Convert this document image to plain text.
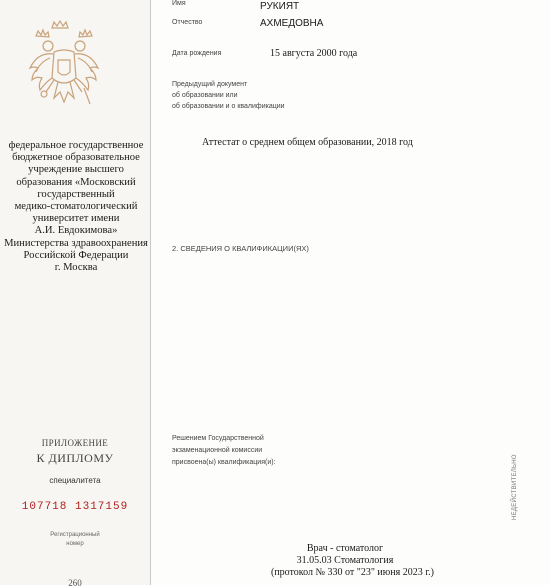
федеральное государственное
бюджетное образовательное
учреждение высшего
образования «Московский
государственный
медико-стоматологический
университет имени
А.И. Евдокимова»
Министерства здравоохранения
Российской Федерации
г. Москва
ПРИЛОЖЕНИЕ
К ДИПЛОМУ
специалитета
107718 1317159
Регистрационный
номер
260
Имя	РУКИЯТ
Отчество	АХМЕДОВНА
Дата рождения	15 августа 2000 года
Предыдущий документ
об образовании или
об образовании и о квалификации
Аттестат о среднем общем образовании, 2018 год
2. СВЕДЕНИЯ О КВАЛИФИКАЦИИ(ЯХ)
Решением Государственной
экзаменационной комиссии
присвоена(ы) квалификация(и):
Врач - стоматолог
31.05.03 Стоматология
(протокол № 330 от "23" июня 2023 г.)
НЕДЕЙСТВИТЕЛЬНО
